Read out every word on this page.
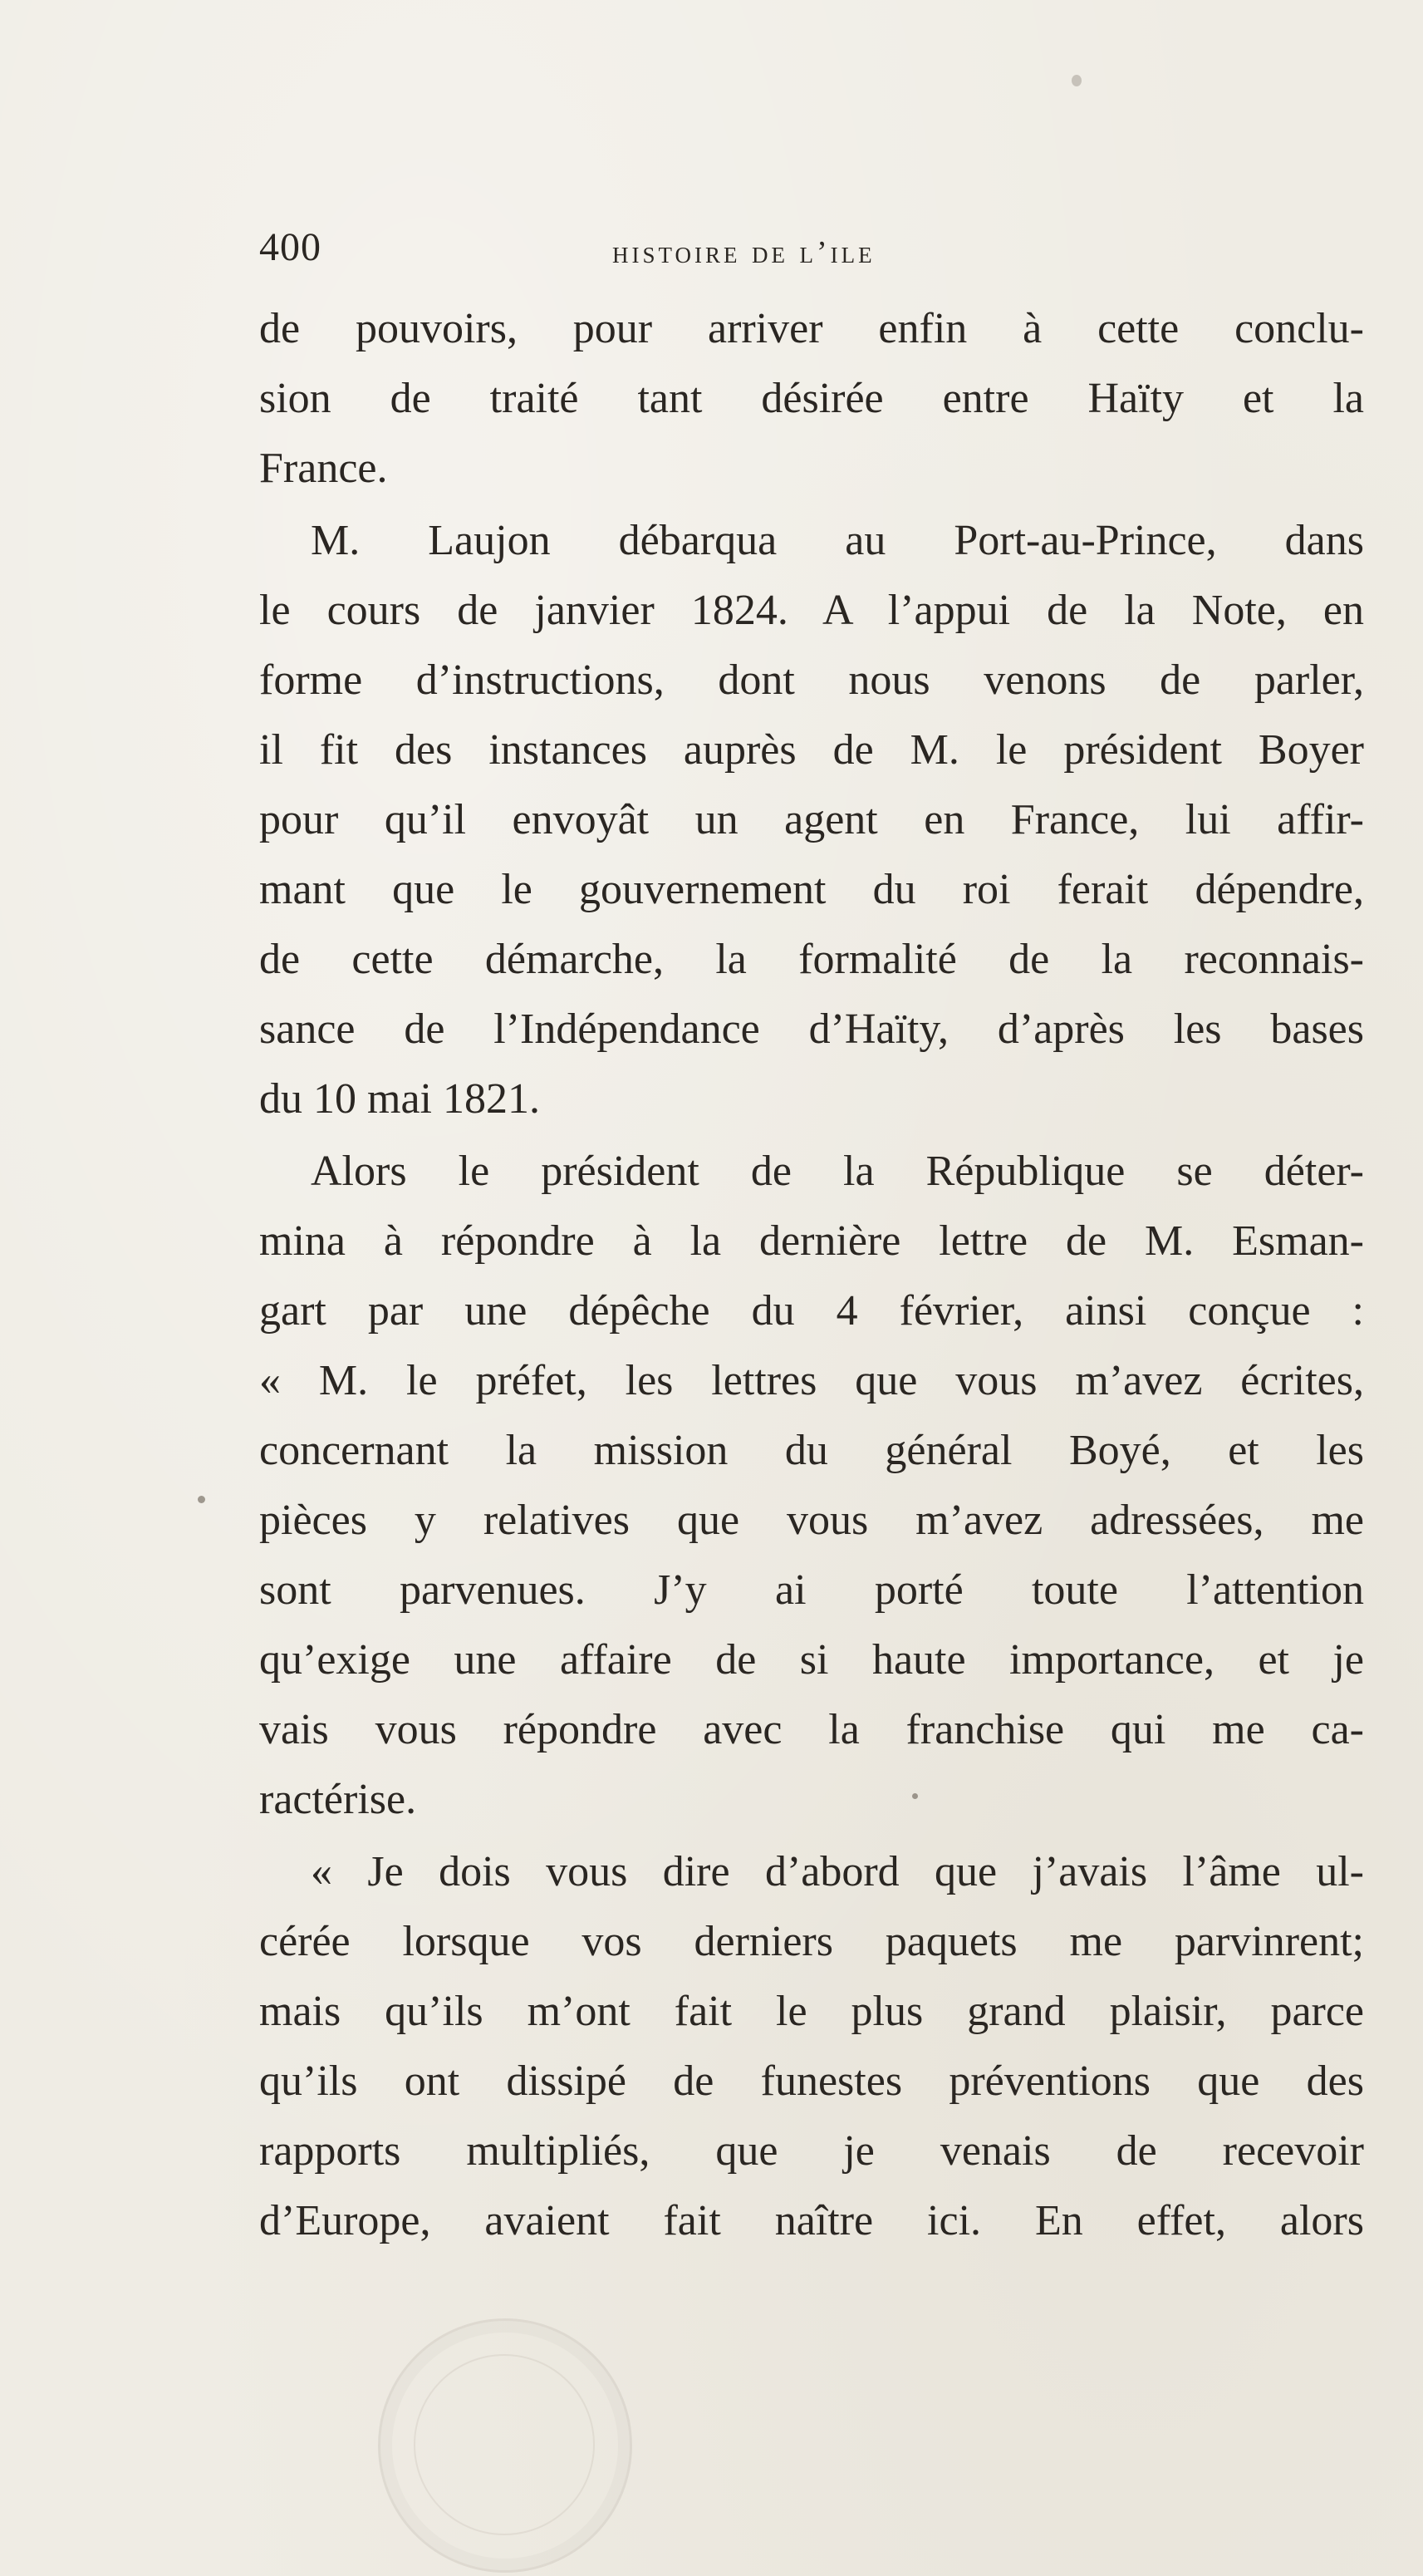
400	histoire de l’ile
de pouvoirs, pour arriver enfin à cette conclu-
sion de traité tant désirée entre Haïty et la
France.
M. Laujon débarqua au Port-au-Prince, dans
le cours de janvier 1824. A l’appui de la Note, en
forme d’instructions, dont nous venons de parler,
il fit des instances auprès de M. le président Boyer
pour qu’il envoyât un agent en France, lui affir-
mant que le gouvernement du roi ferait dépendre,
de cette démarche, la formalité de la reconnais-
sance de l’Indépendance d’Haïty, d’après les bases
du 10 mai 1821.
Alors le président de la République se déter-
mina à répondre à la dernière lettre de M. Esman-
gart par une dépêche du 4 février, ainsi conçue :
« M. le préfet, les lettres que vous m’avez écrites,
concernant la mission du général Boyé, et les
pièces y relatives que vous m’avez adressées, me
sont parvenues. J’y ai porté toute l’attention
qu’exige une affaire de si haute importance, et je
vais vous répondre avec la franchise qui me ca-
ractérise.
« Je dois vous dire d’abord que j’avais l’âme ul-
cérée lorsque vos derniers paquets me parvinrent;
mais qu’ils m’ont fait le plus grand plaisir, parce
qu’ils ont dissipé de funestes préventions que des
rapports multipliés, que je venais de recevoir
d’Europe, avaient fait naître ici. En effet, alors
